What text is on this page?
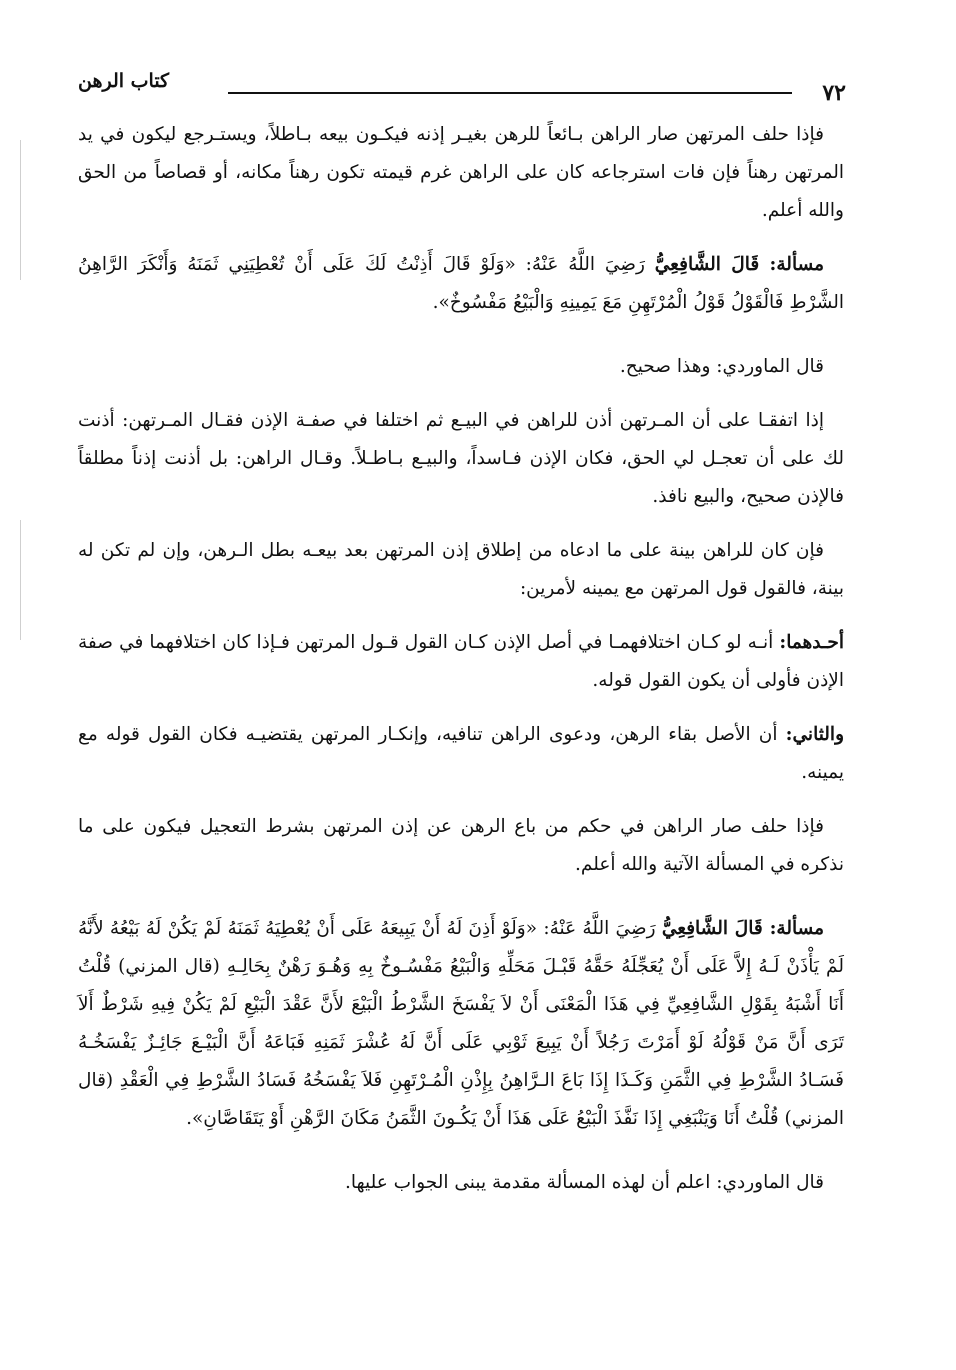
٧٢
كتاب الرهن

فإذا حلف المرتهن صار الراهن بـائعاً للرهن بغيـر إذنه فيكـون بيعه بـاطلاً، ويستـرجع ليكون في يد المرتهن رهناً فإن فات استرجاعه كان على الراهن غرم قيمته تكون رهناً مكانه، أو قصاصاً من الحق والله أعلم.

مسألة: قَالَ الشَّافِعِيُّ رَضِيَ اللَّهُ عَنْهُ: «وَلَوْ قَالَ أَذِنْتُ لَكَ عَلَى أَنْ تُعْطِيَنِي ثَمَنَهُ وَأَنْكَرَ الرَّاهِنُ الشَّرْطِ فَالْقَوْلُ قَوْلُ الْمُرْتَهِنِ مَعَ يَمِينِهِ وَالْبَيْعُ مَفْسُوخٌ».

قال الماوردي: وهذا صحيح.

إذا اتفقـا على أن المـرتهن أذن للراهن في البيـع ثم اختلفا في صفـة الإذن فقـال المـرتهن: أذنت لك على أن تعجـل لي الحق، فكان الإذن فـاسداً، والبيـع بـاطـلاً. وقـال الراهن: بل أذنت إذناً مطلقاً فالإذن صحيح، والبيع نافذ.

فإن كان للراهن بينة على ما ادعاه من إطلاق إذن المرتهن بعد بيعـه بطل الـرهن، وإن لم تكن له بينة، فالقول قول المرتهن مع يمينه لأمرين:

أحـدهما: أنـه لو كـان اختلافهمـا في أصل الإذن كـان القول قـول المرتهن فـإذا كان اختلافهما في صفة الإذن فأولى أن يكون القول قوله.

والثاني: أن الأصل بقاء الرهن، ودعوى الراهن تنافيه، وإنكـار المرتهن يقتضيـه فكان القول قوله مع يمينه.

فإذا حلف صار الراهن في حكم من باع الرهن عن إذن المرتهن بشرط التعجيل فيكون على ما نذكره في المسألة الآتية والله أعلم.

مسألة: قَالَ الشَّافِعِيُّ رَضِيَ اللَّهُ عَنْهُ: «وَلَوْ أَذِنَ لَهُ أَنْ يَبِيعَهُ عَلَى أَنْ يُعْطِيَهُ ثَمَنَهُ لَمْ يَكُنْ لَهُ بَيْعُهُ لأَنَّهُ لَمْ يَأْذَنْ لَـهُ إِلاَّ عَلَى أَنْ يُعَجِّلَهُ حَقَّهُ قَبْـلَ مَحَلِّهِ وَالْبَيْعُ مَفْسُـوخٌ بِهِ وَهُـوَ رَهْنٌ بِحَالِـهِ (قال المزني) قُلْتُ أَنَا أَشْبَهُ بِقَوْلِ الشَّافِعِيِّ فِي هَذَا الْمَعْنَى أَنْ لاَ يَفْسَخَ الشَّرْطُ الْبَيْعَ لأَنَّ عَقْدَ الْبَيْعِ لَمْ يَكُنْ فِيهِ شَرْطٌ أَلاَ تَرَى أَنَّ مَنْ قَوْلُهُ لَوْ أَمَرْتَ رَجُلاً أَنْ يَبِيعَ ثَوْبِي عَلَى أَنَّ لَهُ عُشْرَ ثَمَنِهِ فَبَاعَهُ أَنَّ الْبَيْـعَ جَائِـزٌ يَفْسَخُـهُ فَسَـادُ الشَّرْطِ فِي الثَّمَنِ وَكَـذَا إِذَا بَاعَ الـرَّاهِنُ بِإِذْنِ الْمُـرْتَهِنِ فَلاَ يَفْسَخُهُ فَسَادُ الشَّرْطِ فِي الْعَقْدِ (قال المزني) قُلْتُ أَنَا وَيَنْبَغِي إِذَا نَفَّذَ الْبَيْعُ عَلَى هَذَا أَنْ يَكُـونَ الثَّمَنُ مَكَانَ الرَّهْنِ أَوْ يَتَقَاصَّانِ».

قال الماوردي: اعلم أن لهذه المسألة مقدمة يبنى الجواب عليها.
